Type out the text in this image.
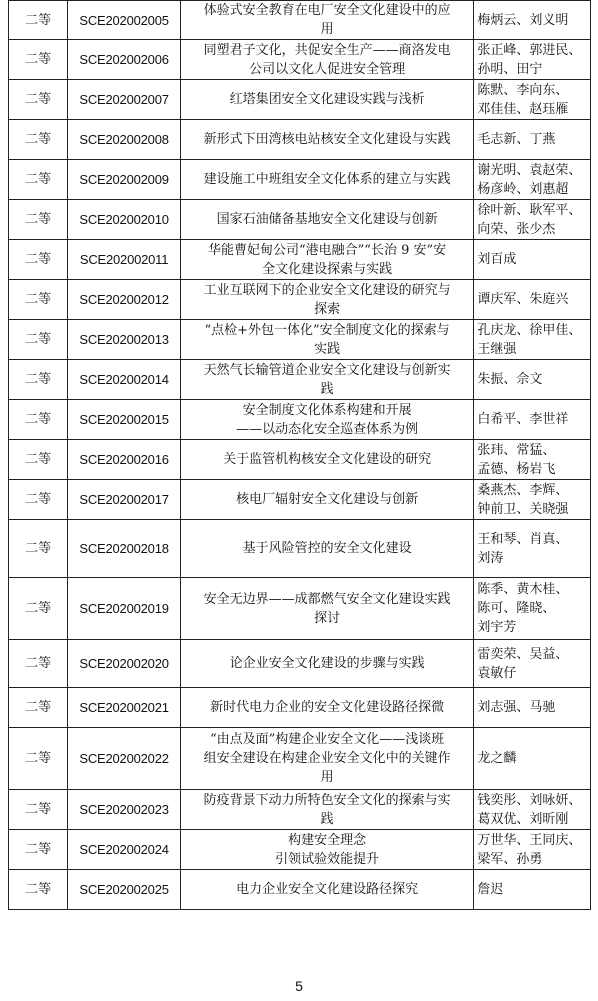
二等	SCE202002005	体验式安全教育在电厂安全文化建设中的应
用	梅炳云、刘义明

二等	SCE202002006	同塑君子文化，共促安全生产——商洛发电
公司以文化人促进安全管理	张正峰、郭进民、
孙明、田宁

二等	SCE202002007	红塔集团安全文化建设实践与浅析	陈默、李向东、
邓佳佳、赵珏雁

二等	SCE202002008	新形式下田湾核电站核安全文化建设与实践	毛志新、丁燕

二等	SCE202002009	建设施工中班组安全文化体系的建立与实践	谢光明、袁赵荣、
杨彦岭、刘惠超

二等	SCE202002010	国家石油储备基地安全文化建设与创新	徐叶新、耿军平、
向荣、张少杰

二等	SCE202002011	华能曹妃甸公司“港电融合”“长治 9 安”安
全文化建设探索与实践	刘百成

二等	SCE202002012	工业互联网下的企业安全文化建设的研究与
探索	谭庆军、朱庭兴

二等	SCE202002013	“点检+外包一体化”安全制度文化的探索与
实践	孔庆龙、徐甲佳、
王继强

二等	SCE202002014	天然气长输管道企业安全文化建设与创新实
践	朱振、佘文

二等	SCE202002015	安全制度文化体系构建和开展
——以动态化安全巡查体系为例	白希平、李世祥

二等	SCE202002016	关于监管机构核安全文化建设的研究	张玮、常猛、
孟德、杨岩飞

二等	SCE202002017	核电厂辐射安全文化建设与创新	桑燕杰、李辉、
钟前卫、关晓强

二等	SCE202002018	基于风险管控的安全文化建设	王和琴、肖真、
刘涛

二等	SCE202002019	安全无边界——成都燃气安全文化建设实践
探讨	陈季、黄木桂、
陈可、隆晓、
刘宇芳

二等	SCE202002020	论企业安全文化建设的步骤与实践	雷奕荣、吴益、
袁敏仔

二等	SCE202002021	新时代电力企业的安全文化建设路径探微	刘志强、马驰

二等	SCE202002022	“由点及面”构建企业安全文化——浅谈班
组安全建设在构建企业安全文化中的关键作
用	龙之麟

二等	SCE202002023	防疫背景下动力所特色安全文化的探索与实
践	钱奕彤、刘咏妍、
葛双优、刘昕刚

二等	SCE202002024	构建安全理念
引领试验效能提升	万世华、王同庆、
梁军、孙勇

二等	SCE202002025	电力企业安全文化建设路径探究	詹迟
5
